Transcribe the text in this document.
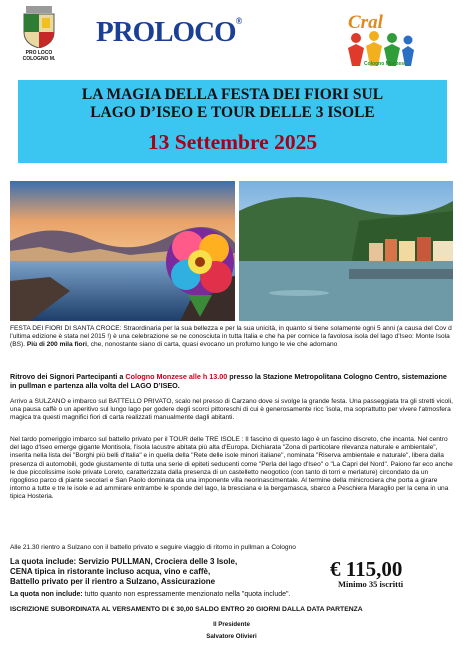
PRO LOCO COLOGNO M.
PROLOCO®	Cral
Cologno Monzese
LA MAGIA DELLA FESTA DEI FIORI SUL
LAGO D’ISEO E TOUR DELLE 3 ISOLE
13 Settembre 2025
FESTA DEI FIORI DI SANTA CROCE: Straordinaria per la sua bellezza e per la sua unicità, in quanto si tiene solamente ogni 5 anni (a causa del Cov d l'ultima edizione è stata nel 2015 !) è una celebrazione se ne conosciuta in tutta Italia e che ha per cornice la favolosa isola del lago d'Iseo: Monte Isola (BS). Più di 200 mila fiori, che, nonostante siano di carta, quasi evocano un profumo lungo le vie che adornano
Ritrovo dei Signori Partecipanti a Cologno Monzese alle h 13.00 presso la Stazione Metropolitana Cologno Centro, sistemazione in pullman e partenza alla volta del LAGO D’ISEO.
Arrivo a SULZANO e imbarco sul BATTELLO PRIVATO, scalo nel presso di Carzano dove si svolge la grande festa. Una passeggiata tra gli stretti vicoli, una pausa caffè o un aperitivo sul lungo lago per godere degli scorci pittoreschi di cui è generosamente ricc 'isola, ma soprattutto per vivere l'atmosfera magica tra questi magnifici fiori di carta realizzati manualmente dagli abitanti.
Nel tardo pomeriggio imbarco sul battello privato per il TOUR delle TRE ISOLE : Il fascino di questo lago è un fascino discreto, che incanta. Nel centro del lago d'Iseo emerge gigante Montisola, l'isola lacustre abitata più alta d'Europa. Dichiarata "Zona di particolare rilevanza naturale e ambientale", inserita nella lista dei "Borghi più belli d'Italia" e in quella della "Rete delle isole minori italiane", nominata "Riserva ambientale e naturale", libera dalla presenza di automobili, gode giustamente di tutta una serie di epiteti seducenti come "Perla del lago d'Iseo" o "La Capri del Nord". Paiono far eco anche le due piccolissime isole private Loreto, caratterizzata dalla presenza di un castelletto neogotico (con tanto di torri e merlature) circondato da un rigoglioso parco di piante secolari e San Paolo dominata da una imponente villa neorinascimentale. Al termine della minicrociera che porta a girare intorno a tutte e tre le isole e ad ammirare entrambe le sponde del lago, la bresciana e la bergamasca, sbarco a Peschiera Maraglio per la cena in una tipica Hosteria.
Alle 21.30 rientro a Sulzano con il battello privato e seguire viaggio di ritorno in pullman a Cologno
La quota include: Servizio PULLMAN, Crociera delle 3 Isole,
CENA tipica in ristorante incluso acqua, vino e caffè,
Battello privato per il rientro a Sulzano, Assicurazione
La quota non include: tutto quanto non espressamente menzionato nella "quota include".
€ 115,00
Minimo 35 iscritti
ISCRIZIONE SUBORDINATA AL VERSAMENTO DI € 30,00 SALDO ENTRO 20 GIORNI DALLA DATA PARTENZA
Il Presidente
Salvatore Olivieri
